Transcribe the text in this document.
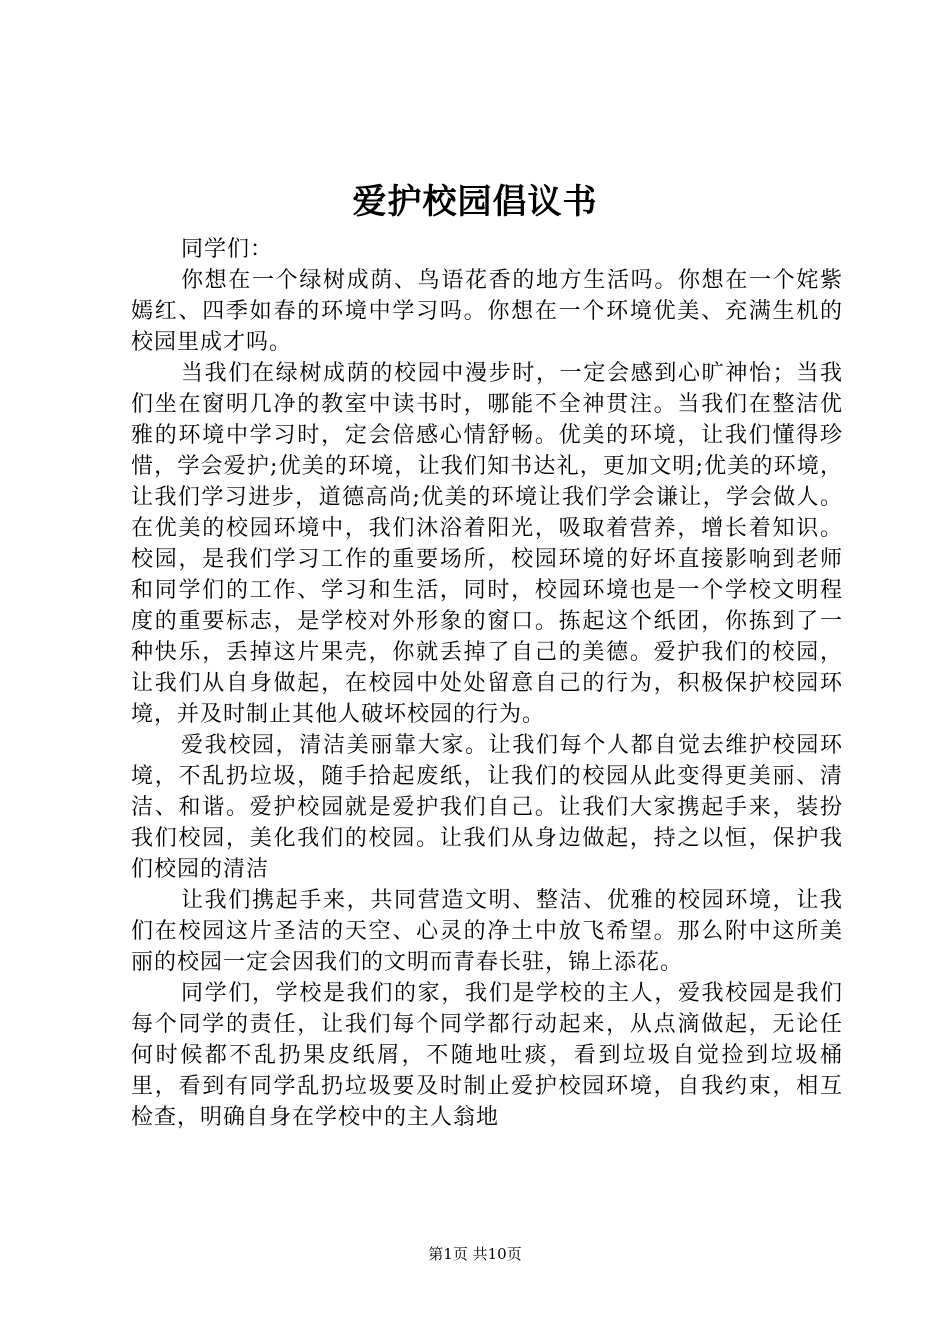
爱护校园倡议书

同学们：

你想在一个绿树成荫、鸟语花香的地方生活吗。你想在一个姹紫嫣红、四季如春的环境中学习吗。你想在一个环境优美、充满生机的校园里成才吗。

当我们在绿树成荫的校园中漫步时，一定会感到心旷神怡；当我们坐在窗明几净的教室中读书时，哪能不全神贯注。当我们在整洁优雅的环境中学习时，定会倍感心情舒畅。优美的环境，让我们懂得珍惜，学会爱护;优美的环境，让我们知书达礼，更加文明;优美的环境，让我们学习进步，道德高尚;优美的环境让我们学会谦让，学会做人。在优美的校园环境中，我们沐浴着阳光，吸取着营养，增长着知识。校园，是我们学习工作的重要场所，校园环境的好坏直接影响到老师和同学们的工作、学习和生活，同时，校园环境也是一个学校文明程度的重要标志，是学校对外形象的窗口。拣起这个纸团，你拣到了一种快乐，丢掉这片果壳，你就丢掉了自己的美德。爱护我们的校园，让我们从自身做起，在校园中处处留意自己的行为，积极保护校园环境，并及时制止其他人破坏校园的行为。

爱我校园，清洁美丽靠大家。让我们每个人都自觉去维护校园环境，不乱扔垃圾，随手拾起废纸，让我们的校园从此变得更美丽、清洁、和谐。爱护校园就是爱护我们自己。让我们大家携起手来，装扮我们校园，美化我们的校园。让我们从身边做起，持之以恒，保护我们校园的清洁

让我们携起手来，共同营造文明、整洁、优雅的校园环境，让我们在校园这片圣洁的天空、心灵的净土中放飞希望。那么附中这所美丽的校园一定会因我们的文明而青春长驻，锦上添花。

同学们，学校是我们的家，我们是学校的主人，爱我校园是我们每个同学的责任，让我们每个同学都行动起来，从点滴做起，无论任何时候都不乱扔果皮纸屑，不随地吐痰，看到垃圾自觉捡到垃圾桶里，看到有同学乱扔垃圾要及时制止爱护校园环境，自我约束，相互检查，明确自身在学校中的主人翁地

第1页 共10页
